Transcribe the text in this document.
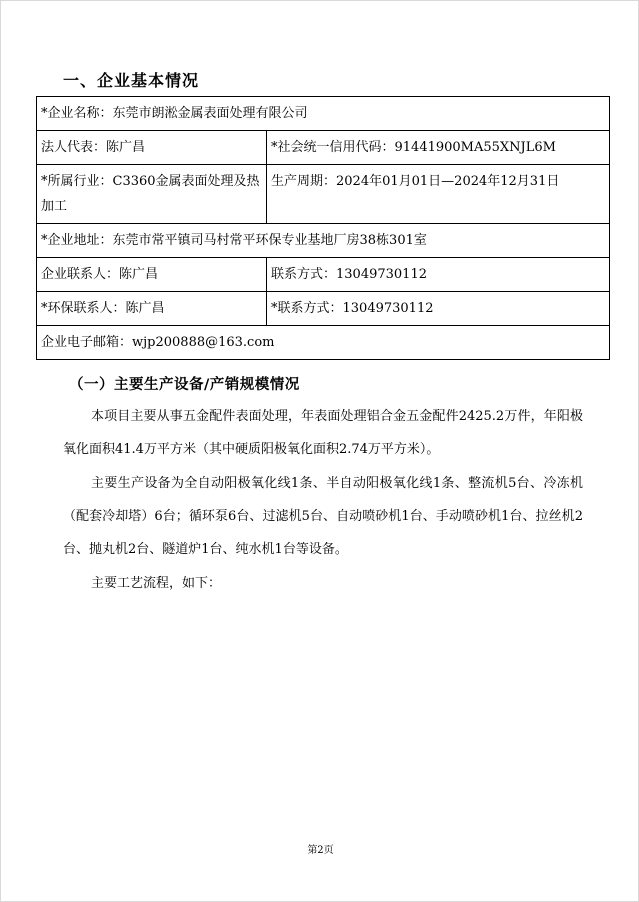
一、企业基本情况
*企业名称：东莞市朗淞金属表面处理有限公司	
法人代表：陈广昌	*社会统一信用代码：91441900MA55XNJL6M
*所属行业：C3360金属表面处理及热加工	生产周期：2024年01月01日—2024年12月31日
*企业地址：东莞市常平镇司马村常平环保专业基地厂房38栋301室	
企业联系人：陈广昌	联系方式：13049730112
*环保联系人：陈广昌	*联系方式：13049730112
企业电子邮箱：wjp200888@163.com	
（一）主要生产设备/产销规模情况
本项目主要从事五金配件表面处理，年表面处理铝合金五金配件2425.2万件，年阳极氧化面积41.4万平方米（其中硬质阳极氧化面积2.74万平方米）。
主要生产设备为全自动阳极氧化线1条、半自动阳极氧化线1条、整流机5台、冷冻机（配套冷却塔）6台；循环泵6台、过滤机5台、自动喷砂机1台、手动喷砂机1台、拉丝机2台、抛丸机2台、隧道炉1台、纯水机1台等设备。
主要工艺流程，如下：
第2页
